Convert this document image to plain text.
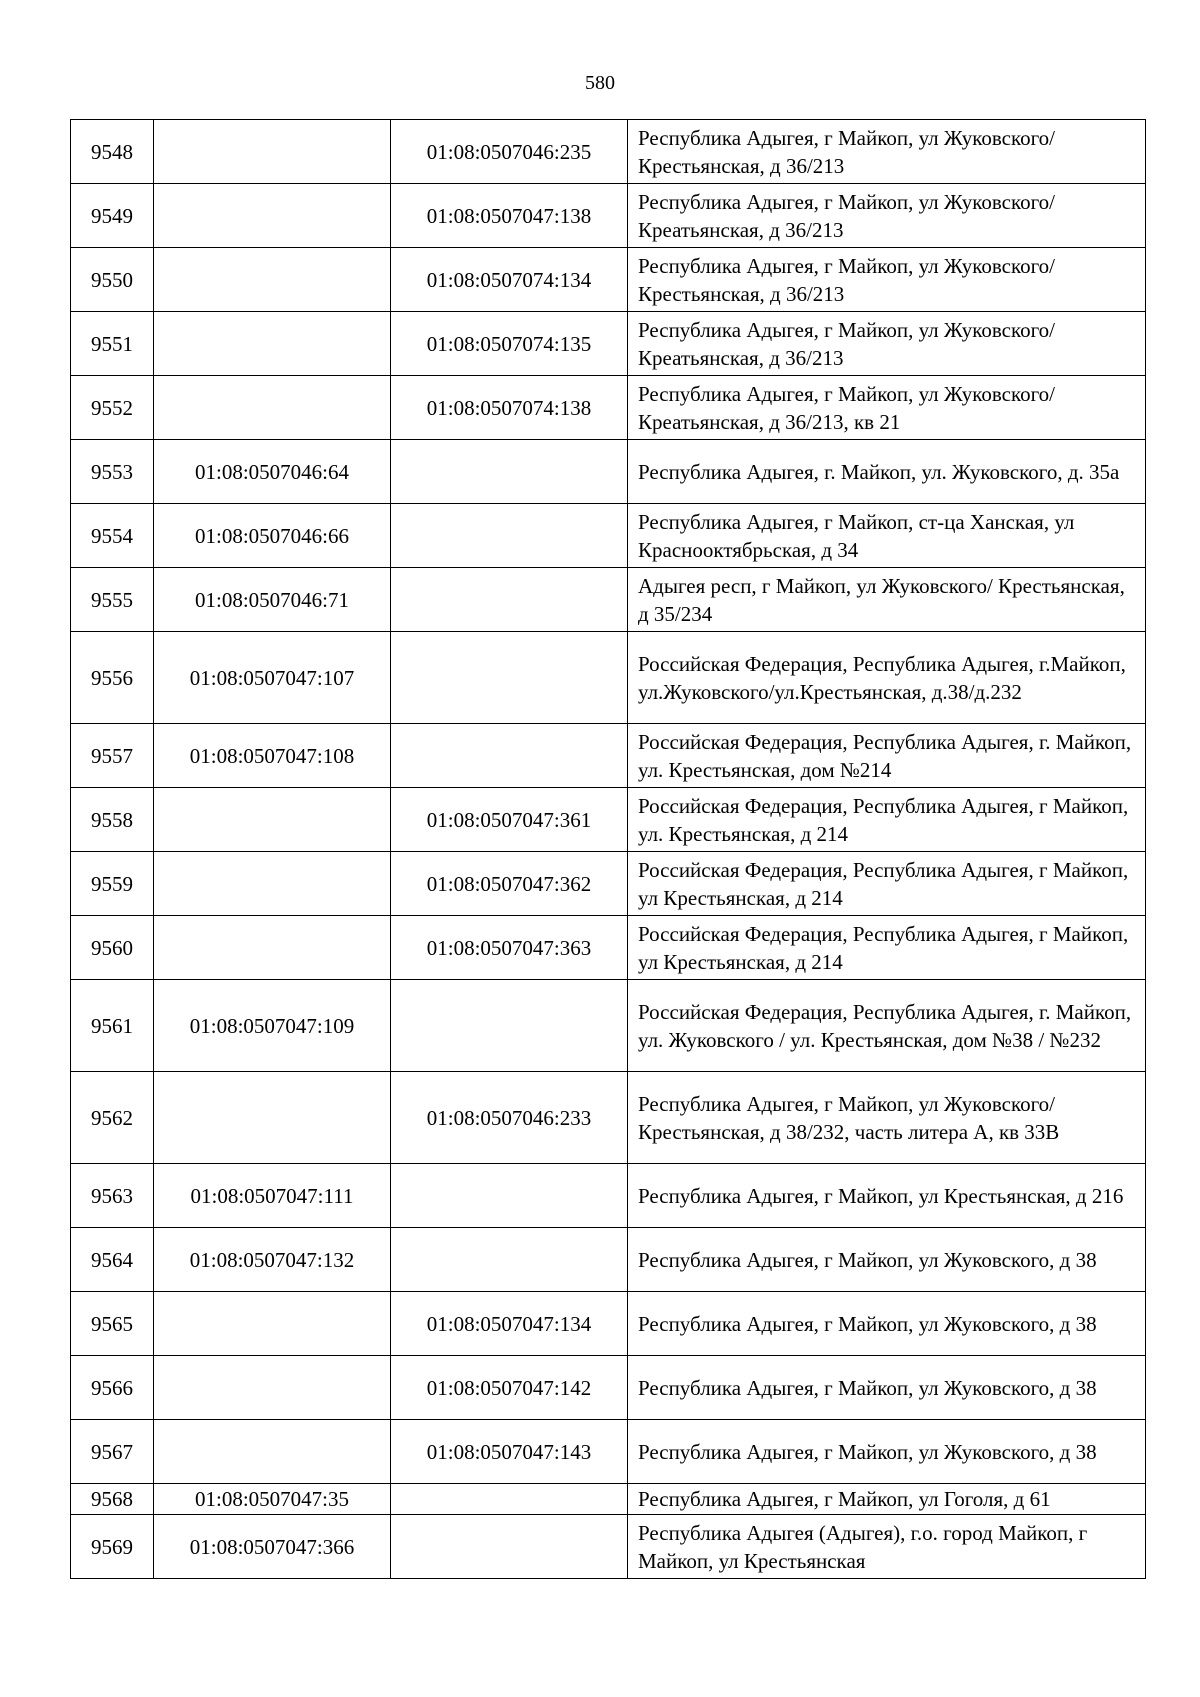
580
9548		01:08:0507046:235	Республика Адыгея, г Майкоп, ул Жуковского/Крестьянская, д 36/213
9549		01:08:0507047:138	Республика Адыгея, г Майкоп, ул Жуковского/Креатьянская, д 36/213
9550		01:08:0507074:134	Республика Адыгея, г Майкоп, ул Жуковского/Крестьянская, д 36/213
9551		01:08:0507074:135	Республика Адыгея, г Майкоп, ул Жуковского/Креатьянская, д 36/213
9552		01:08:0507074:138	Республика Адыгея, г Майкоп, ул Жуковского/Креатьянская, д 36/213, кв 21
9553	01:08:0507046:64		Республика Адыгея, г. Майкоп, ул. Жуковского, д. 35а
9554	01:08:0507046:66		Республика Адыгея, г Майкоп, ст-ца Ханская, ул Краснооктябрьская, д 34
9555	01:08:0507046:71		Адыгея респ, г Майкоп, ул Жуковского/ Крестьянская, д 35/234
9556	01:08:0507047:107		Российская Федерация, Республика Адыгея, г.Майкоп, ул.Жуковского/ул.Крестьянская, д.38/д.232
9557	01:08:0507047:108		Российская Федерация, Республика Адыгея, г. Майкоп, ул. Крестьянская, дом №214
9558		01:08:0507047:361	Российская Федерация, Республика Адыгея, г Майкоп, ул. Крестьянская, д 214
9559		01:08:0507047:362	Российская Федерация, Республика Адыгея, г Майкоп, ул Крестьянская, д 214
9560		01:08:0507047:363	Российская Федерация, Республика Адыгея, г Майкоп, ул Крестьянская, д 214
9561	01:08:0507047:109		Российская Федерация, Республика Адыгея, г. Майкоп, ул. Жуковского / ул. Крестьянская, дом №38 / №232
9562		01:08:0507046:233	Республика Адыгея, г Майкоп, ул Жуковского/Крестьянская, д 38/232, часть литера А, кв 33В
9563	01:08:0507047:111		Республика Адыгея, г Майкоп, ул Крестьянская, д 216
9564	01:08:0507047:132		Республика Адыгея, г Майкоп, ул Жуковского, д 38
9565		01:08:0507047:134	Республика Адыгея, г Майкоп, ул Жуковского, д 38
9566		01:08:0507047:142	Республика Адыгея, г Майкоп, ул Жуковского, д 38
9567		01:08:0507047:143	Республика Адыгея, г Майкоп, ул Жуковского, д 38
9568	01:08:0507047:35		Республика Адыгея, г Майкоп, ул Гоголя, д 61
9569	01:08:0507047:366		Республика Адыгея (Адыгея), г.о. город Майкоп, г Майкоп, ул Крестьянская
